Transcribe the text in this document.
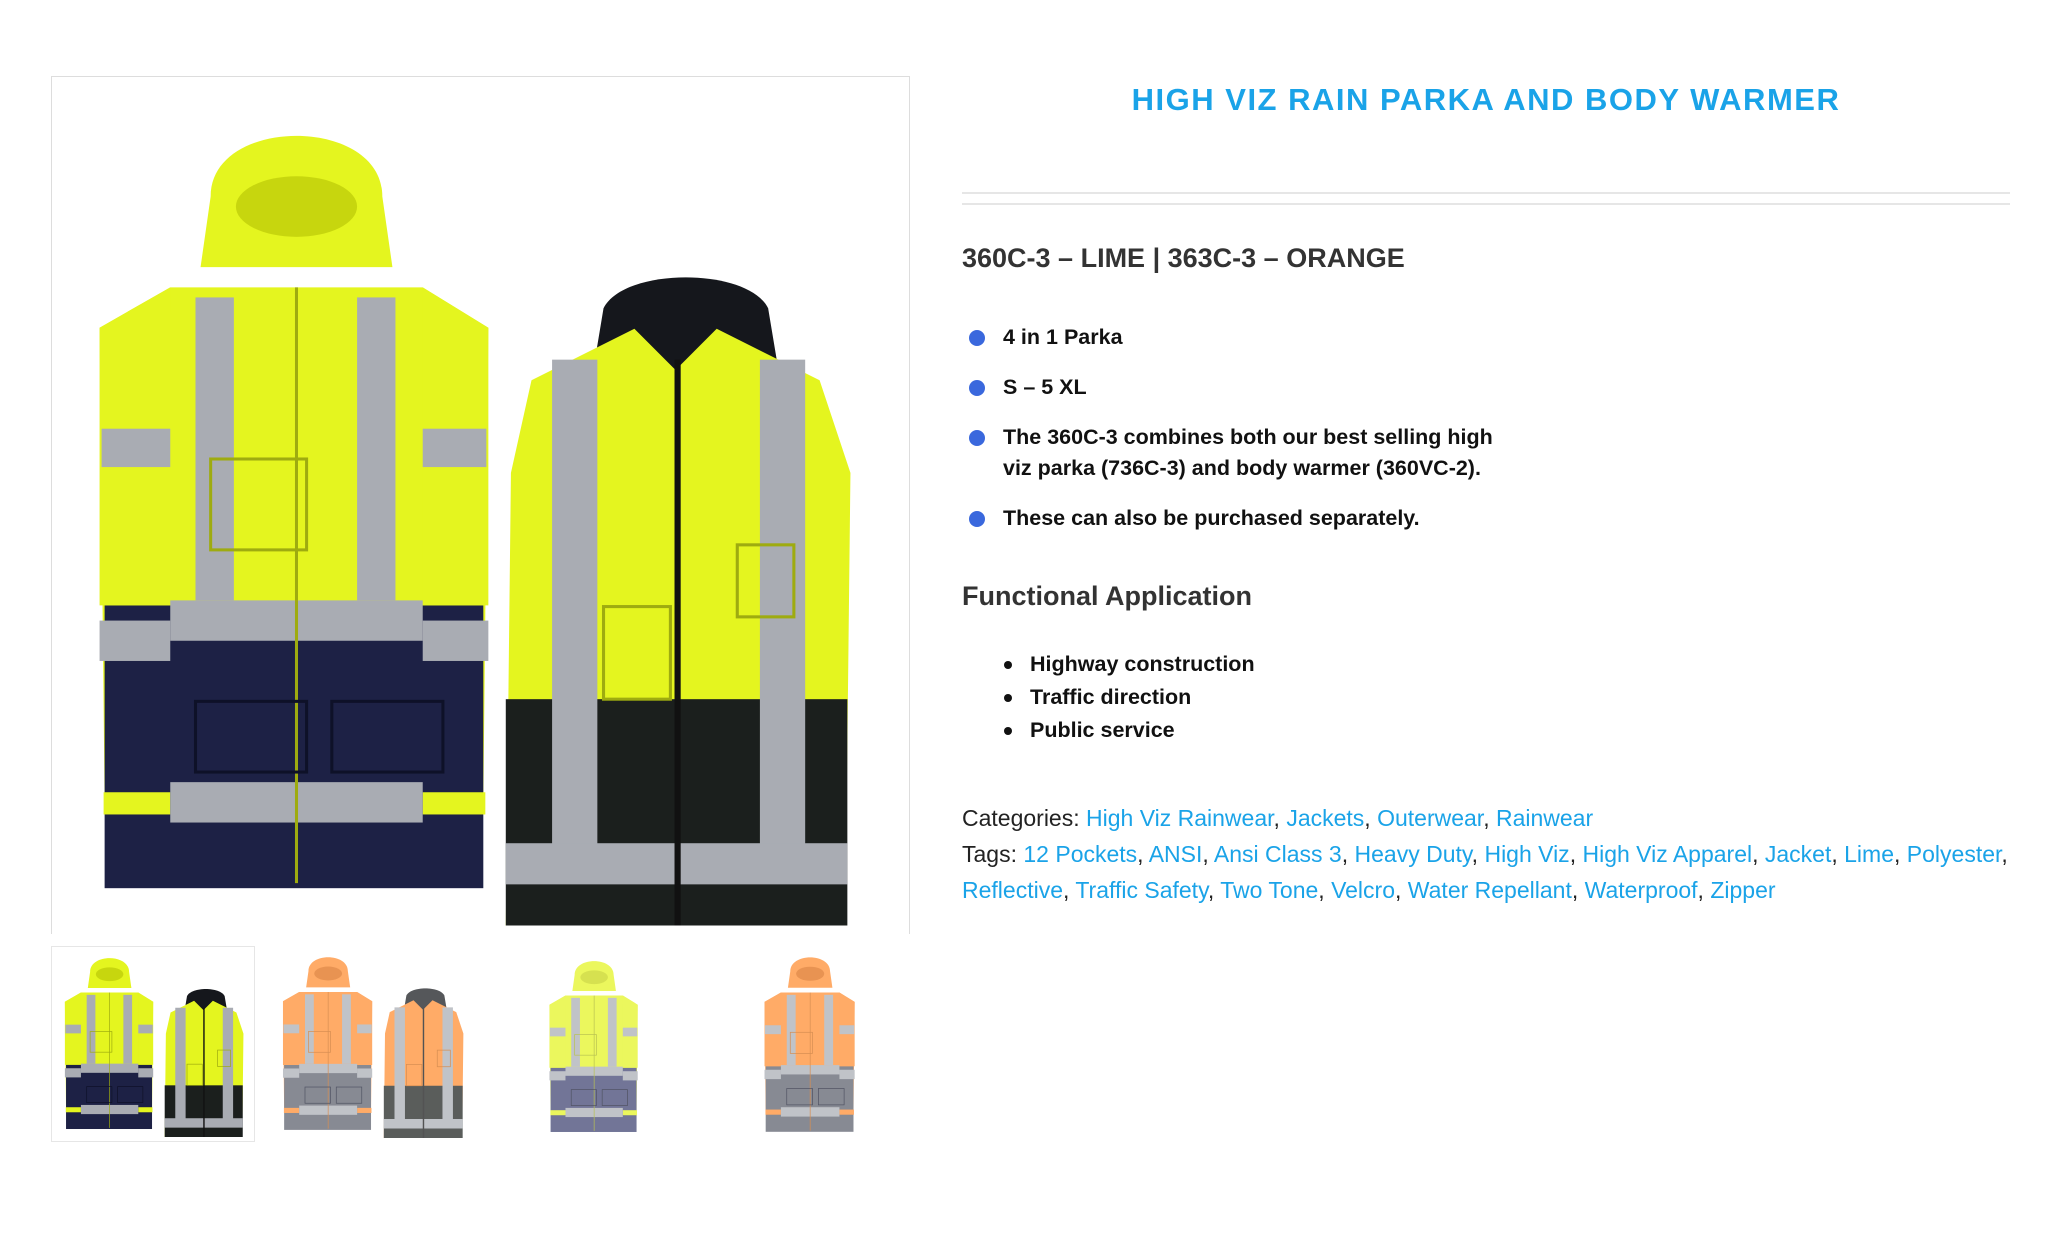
HIGH VIZ RAIN PARKA AND BODY WARMER
360C-3 – LIME | 363C-3 – ORANGE
4 in 1 Parka
S – 5 XL
The 360C-3 combines both our best selling high viz parka (736C-3) and body warmer (360VC-2).
These can also be purchased separately.
Functional Application
Highway construction
Traffic direction
Public service
Categories: High Viz Rainwear, Jackets, Outerwear, Rainwear
Tags: 12 Pockets, ANSI, Ansi Class 3, Heavy Duty, High Viz, High Viz Apparel, Jacket, Lime, Polyester, Reflective, Traffic Safety, Two Tone, Velcro, Water Repellant, Waterproof, Zipper
